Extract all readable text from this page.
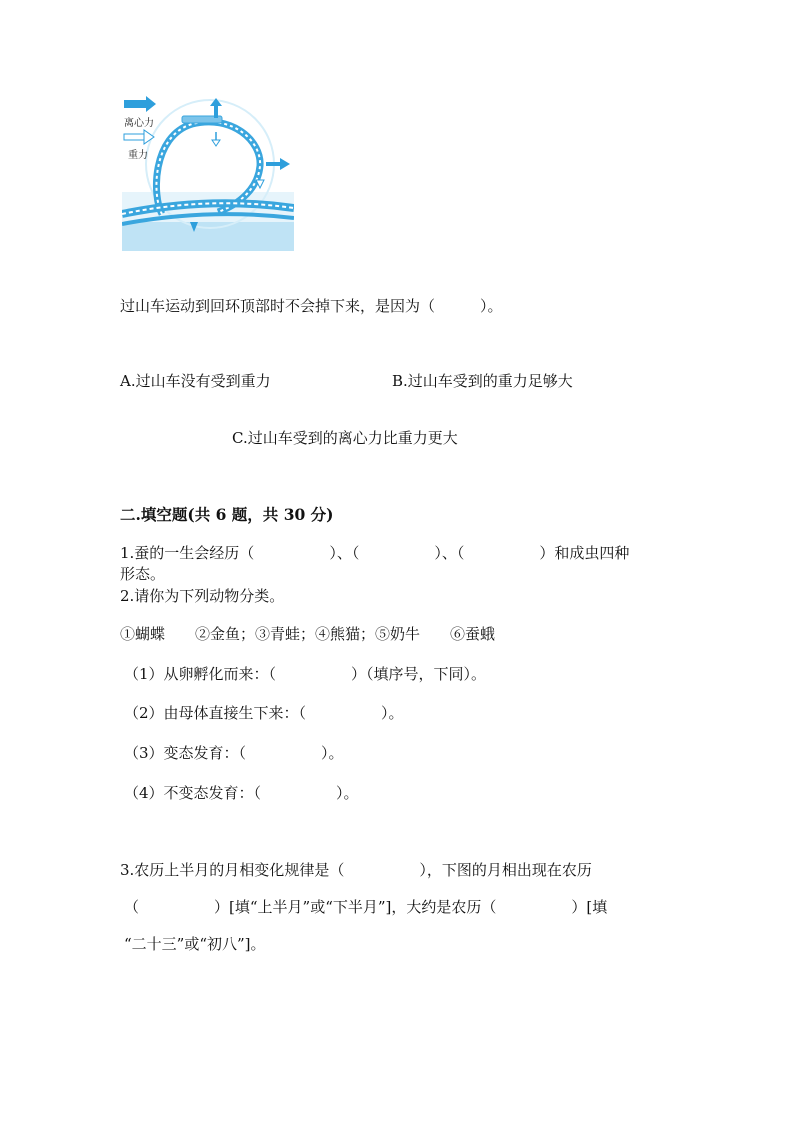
离心力
重力
过山车运动到回环顶部时不会掉下来，是因为（　　　）。
A.过山车没有受到重力	B.过山车受到的重力足够大
C.过山车受到的离心力比重力更大
二.填空题(共 6 题，共 30 分)
1.蚕的一生会经历（　　　　　）、（　　　　　）、（　　　　　）和成虫四种
形态。
2.请你为下列动物分类。
①蝴蝶　　②金鱼；③青蛙；④熊猫；⑤奶牛　　⑥蚕蛾
（1）从卵孵化而来：（　　　　　）（填序号，下同）。
（2）由母体直接生下来：（　　　　　）。
（3）变态发育：（　　　　　）。
（4）不变态发育：（　　　　　）。
3.农历上半月的月相变化规律是（　　　　　），下图的月相出现在农历
（　　　　　）[填“上半月”或“下半月”]，大约是农历（　　　　　）[填
“二十三”或“初八”]。
